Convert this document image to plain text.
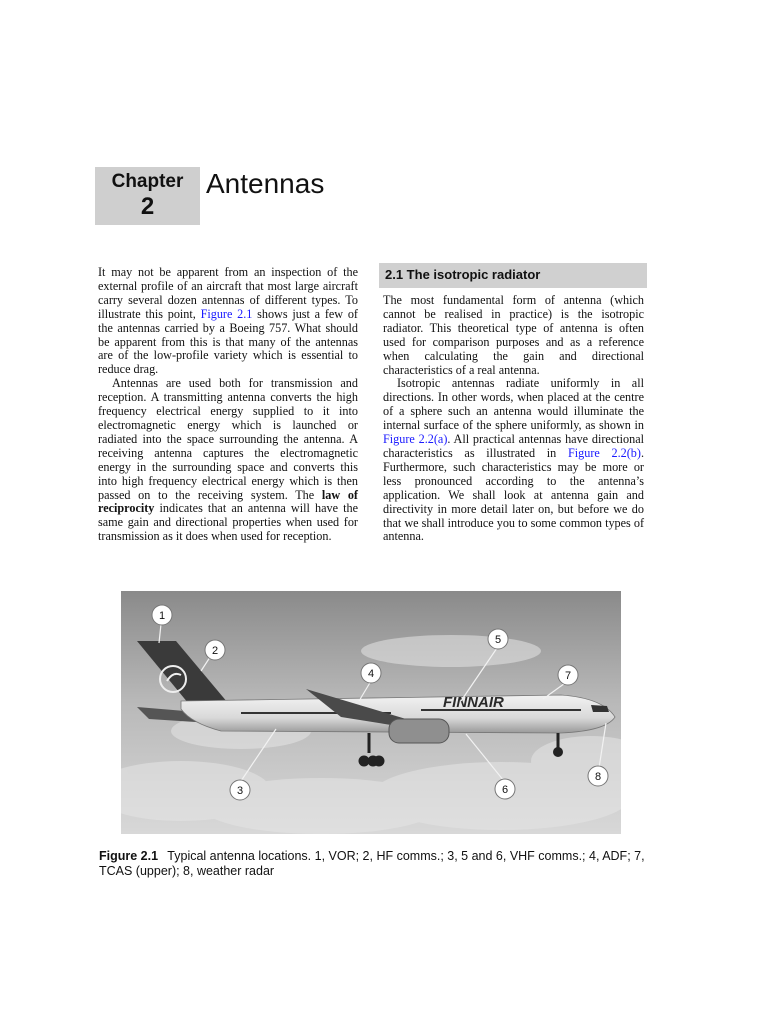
Chapter
2
Antennas

It may not be apparent from an inspection of the external profile of an aircraft that most large aircraft carry several dozen antennas of different types. To illustrate this point, Figure 2.1 shows just a few of the antennas carried by a Boeing 757. What should be apparent from this is that many of the antennas are of the low-profile variety which is essential to reduce drag.

Antennas are used both for transmission and reception. A transmitting antenna converts the high frequency electrical energy supplied to it into electromagnetic energy which is launched or radiated into the space surrounding the antenna. A receiving antenna captures the electromagnetic energy in the surrounding space and converts this into high frequency electrical energy which is then passed on to the receiving system. The law of reciprocity indicates that an antenna will have the same gain and directional properties when used for transmission as it does when used for reception.

2.1 The isotropic radiator

The most fundamental form of antenna (which cannot be realised in practice) is the isotropic radiator. This theoretical type of antenna is often used for comparison purposes and as a reference when calculating the gain and directional characteristics of a real antenna.

Isotropic antennas radiate uniformly in all directions. In other words, when placed at the centre of a sphere such an antenna would illuminate the internal surface of the sphere uniformly, as shown in Figure 2.2(a). All practical antennas have directional characteristics as illustrated in Figure 2.2(b). Furthermore, such characteristics may be more or less pronounced according to the antenna’s application. We shall look at antenna gain and directivity in more detail later on, but before we do that we shall introduce you to some common types of antenna.

FINNAIR
1
2
3
4
5
6
7
8
Figure 2.1 Typical antenna locations. 1, VOR; 2, HF comms.; 3, 5 and 6, VHF comms.; 4, ADF; 7, TCAS (upper); 8, weather radar
